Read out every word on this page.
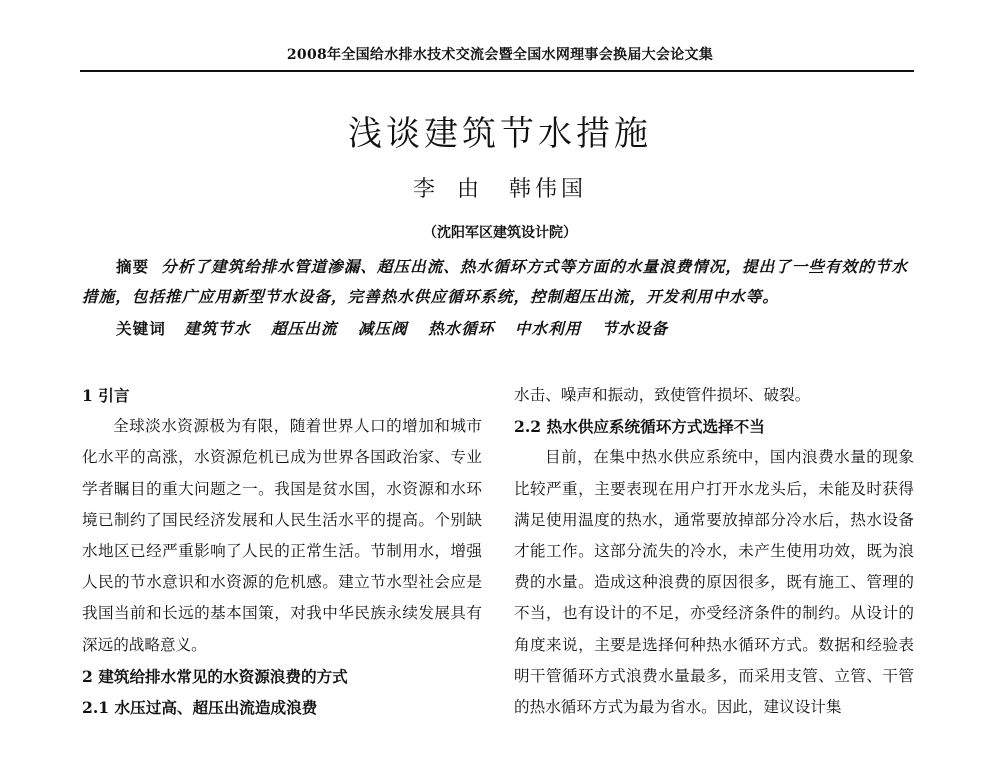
2008年全国给水排水技术交流会暨全国水网理事会换届大会论文集
浅谈建筑节水措施
李由 韩伟国
（沈阳军区建筑设计院）
摘要 分析了建筑给排水管道渗漏、超压出流、热水循环方式等方面的水量浪费情况，提出了一些有效的节水措施，包括推广应用新型节水设备，完善热水供应循环系统，控制超压出流，开发利用中水等。
关键词 建筑节水 超压出流 减压阀 热水循环 中水利用 节水设备

1 引言

全球淡水资源极为有限，随着世界人口的增加和城市化水平的高涨，水资源危机已成为世界各国政治家、专业学者瞩目的重大问题之一。我国是贫水国，水资源和水环境已制约了国民经济发展和人民生活水平的提高。个别缺水地区已经严重影响了人民的正常生活。节制用水，增强人民的节水意识和水资源的危机感。建立节水型社会应是我国当前和长远的基本国策，对我中华民族永续发展具有深远的战略意义。

2 建筑给排水常见的水资源浪费的方式

2.1 水压过高、超压出流造成浪费

水击、噪声和振动，致使管件损坏、破裂。

2.2 热水供应系统循环方式选择不当

目前，在集中热水供应系统中，国内浪费水量的现象比较严重，主要表现在用户打开水龙头后，未能及时获得满足使用温度的热水，通常要放掉部分冷水后，热水设备才能工作。这部分流失的冷水，未产生使用功效，既为浪费的水量。造成这种浪费的原因很多，既有施工、管理的不当，也有设计的不足，亦受经济条件的制约。从设计的角度来说，主要是选择何种热水循环方式。数据和经验表明干管循环方式浪费水量最多，而采用支管、立管、干管的热水循环方式为最为省水。因此，建议设计集
